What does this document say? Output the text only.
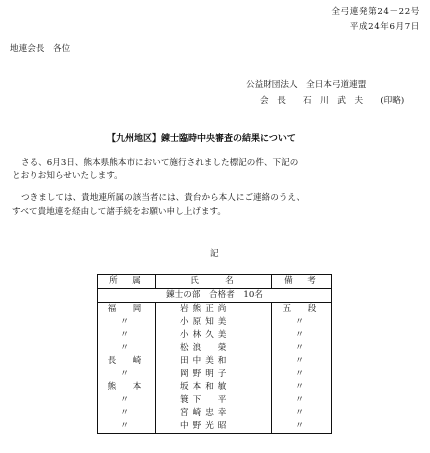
全弓連発第24－22号
平成24年6月7日
地連会長　各位
公益財団法人　全日本弓道連盟
会　長　　石　川　武　夫　　(印略)
【九州地区】錬士臨時中央審査の結果について
さる、6月3日、熊本県熊本市において施行されました標記の件、下記の
とおりお知らせいたします。
つきましては、貴地連所属の該当者には、貴台から本人にご連絡のうえ、
すべて貴地連を経由して諸手続をお願い申し上げます。
記
所　属	氏　　名	備　考
錬士の部　合格者　10名		
福　岡	岩熊正尚	五　段
〃	小原知美	〃
〃	小林久美	〃
〃	松浪　榮	〃
長　崎	田中美和	〃
〃	岡野明子	〃
熊　本	坂本和敏	〃
〃	簑下　平	〃
〃	宮崎忠幸	〃
〃	中野光昭	〃
